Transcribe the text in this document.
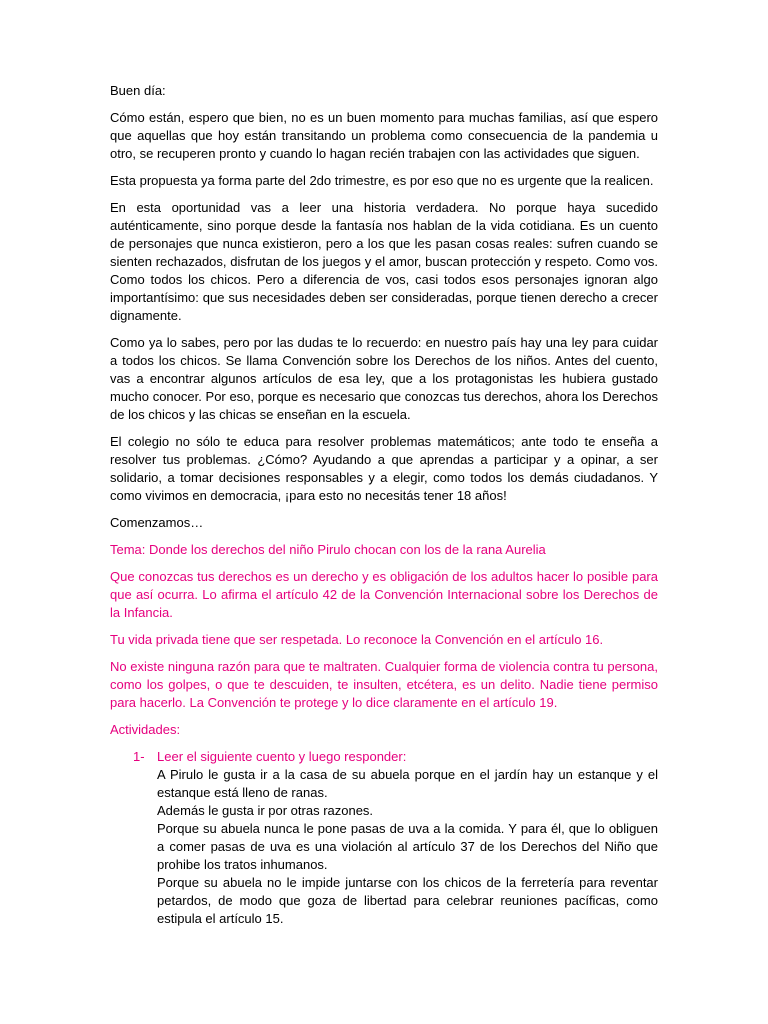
Buen día:

Cómo están, espero que bien, no es un buen momento para muchas familias, así que espero que aquellas que hoy están transitando un problema como consecuencia de la pandemia u otro, se recuperen pronto y cuando lo hagan recién trabajen con las actividades que siguen.

Esta propuesta ya forma parte del 2do trimestre, es por eso que no es urgente que la realicen.

En esta oportunidad vas a leer una historia verdadera. No porque haya sucedido auténticamente, sino porque desde la fantasía nos hablan de la vida cotidiana. Es un cuento de personajes que nunca existieron, pero a los que les pasan cosas reales: sufren cuando se sienten rechazados, disfrutan de los juegos y el amor, buscan protección y respeto. Como vos. Como todos los chicos. Pero a diferencia de vos, casi todos esos personajes ignoran algo importantísimo: que sus necesidades deben ser consideradas, porque tienen derecho a crecer dignamente.

Como ya lo sabes, pero por las dudas te lo recuerdo: en nuestro país hay una ley para cuidar a todos los chicos. Se llama Convención sobre los Derechos de los niños. Antes del cuento, vas a encontrar algunos artículos de esa ley, que a los protagonistas les hubiera gustado mucho conocer. Por eso, porque es necesario que conozcas tus derechos, ahora los Derechos de los chicos y las chicas se enseñan en la escuela.

El colegio no sólo te educa para resolver problemas matemáticos; ante todo te enseña a resolver tus problemas. ¿Cómo? Ayudando a que aprendas a participar y a opinar, a ser solidario, a tomar decisiones responsables y a elegir, como todos los demás ciudadanos. Y como vivimos en democracia, ¡para esto no necesitás tener 18 años!

Comenzamos…

Tema: Donde los derechos del niño Pirulo chocan con los de la rana Aurelia

Que conozcas tus derechos es un derecho y es obligación de los adultos hacer lo posible para que así ocurra. Lo afirma el artículo 42 de la Convención Internacional sobre los Derechos de la Infancia.

Tu vida privada tiene que ser respetada. Lo reconoce la Convención en el artículo 16.

No existe ninguna razón para que te maltraten. Cualquier forma de violencia contra tu persona, como los golpes, o que te descuiden, te insulten, etcétera, es un delito. Nadie tiene permiso para hacerlo. La Convención te protege y lo dice claramente en el artículo 19.

Actividades:

1- Leer el siguiente cuento y luego responder:

A Pirulo le gusta ir a la casa de su abuela porque en el jardín hay un estanque y el estanque está lleno de ranas.

Además le gusta ir por otras razones.

Porque su abuela nunca le pone pasas de uva a la comida. Y para él, que lo obliguen a comer pasas de uva es una violación al artículo 37 de los Derechos del Niño que prohibe los tratos inhumanos.

Porque su abuela no le impide juntarse con los chicos de la ferretería para reventar petardos, de modo que goza de libertad para celebrar reuniones pacíficas, como estipula el artículo 15.
